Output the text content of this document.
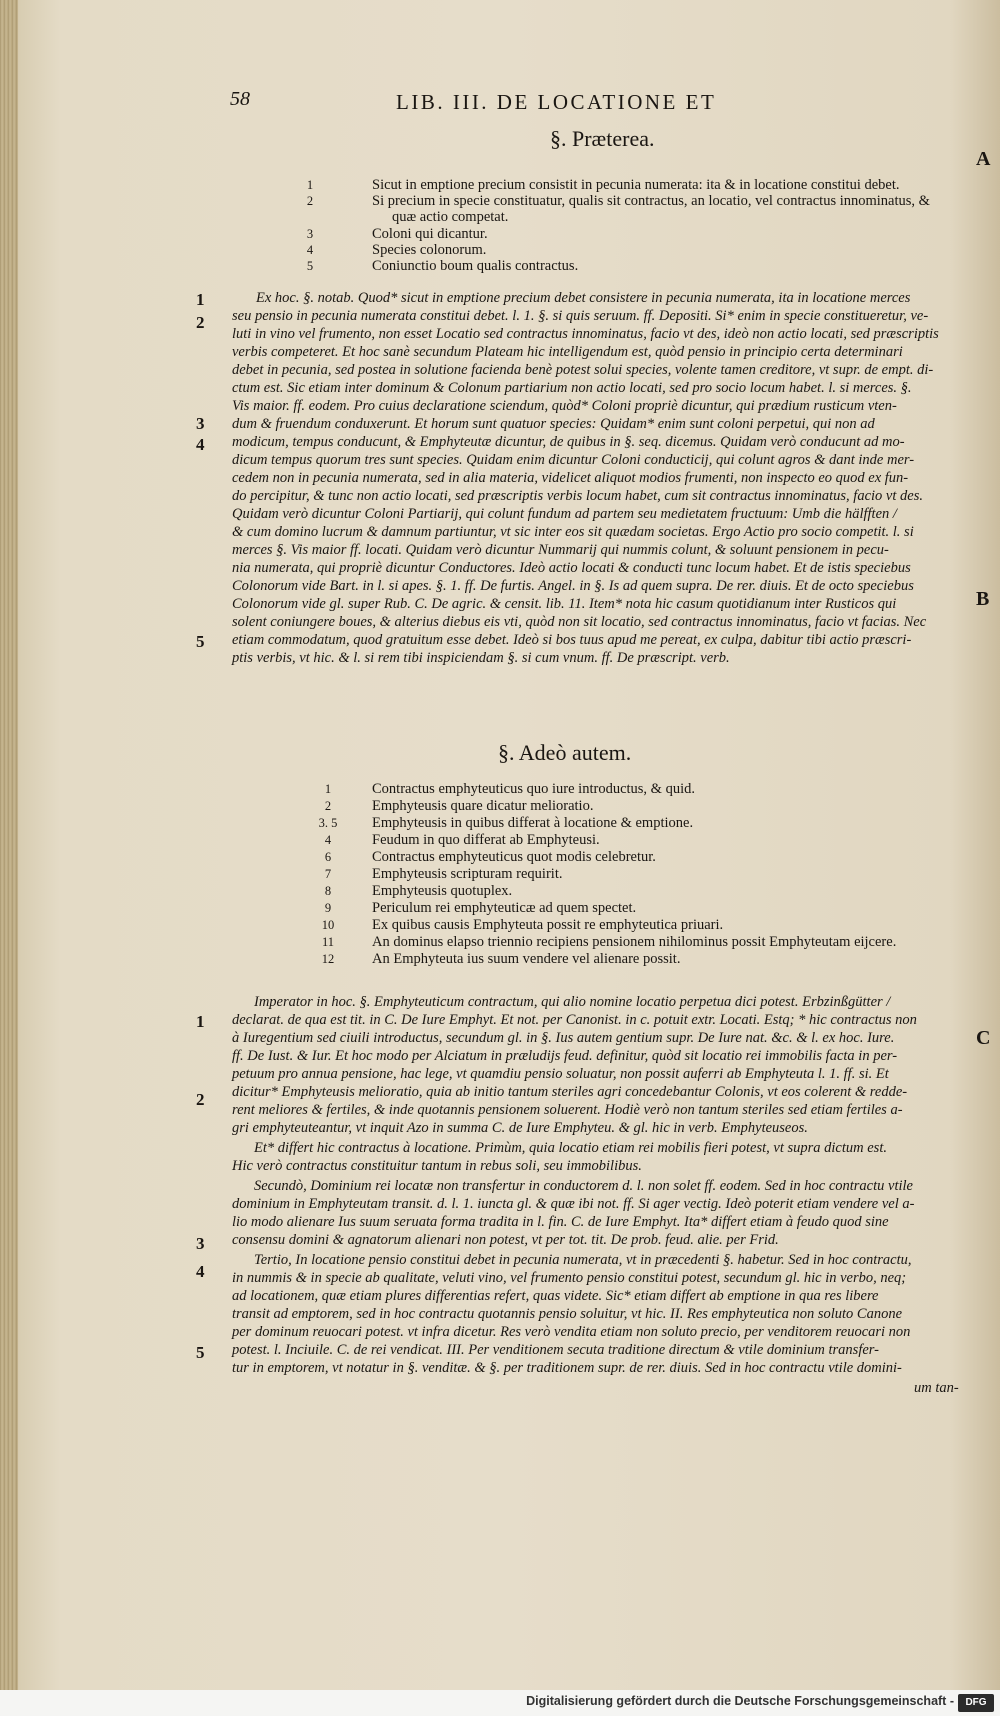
58	LIB. III. DE LOCATIONE ET
A
B
C
§. Præterea.
1	Sicut in emptione precium consistit in pecunia numerata: ita & in locatione constitui debet.
2	Si precium in specie constituatur, qualis sit contractus, an locatio, vel contractus innominatus, &
quæ actio competat.
3	Coloni qui dicantur.
4	Species colonorum.
5	Coniunctio boum qualis contractus.
1
2
3
4
5
Ex hoc. §. notab. Quod* sicut in emptione precium debet consistere in pecunia numerata, ita in locatione merces
seu pensio in pecunia numerata constitui debet. l. 1. §. si quis seruum. ff. Depositi. Si* enim in specie constitueretur, ve-
luti in vino vel frumento, non esset Locatio sed contractus innominatus, facio vt des, ideò non actio locati, sed præscriptis
verbis competeret. Et hoc sanè secundum Plateam hic intelligendum est, quòd pensio in principio certa determinari
debet in pecunia, sed postea in solutione facienda benè potest solui species, volente tamen creditore, vt supr. de empt. di-
ctum est. Sic etiam inter dominum & Colonum partiarium non actio locati, sed pro socio locum habet. l. si merces. §.
Vis maior. ff. eodem. Pro cuius declaratione sciendum, quòd* Coloni propriè dicuntur, qui prædium rusticum vten-
dum & fruendum conduxerunt. Et horum sunt quatuor species: Quidam* enim sunt coloni perpetui, qui non ad
modicum, tempus conducunt, & Emphyteutæ dicuntur, de quibus in §. seq. dicemus. Quidam verò conducunt ad mo-
dicum tempus quorum tres sunt species. Quidam enim dicuntur Coloni conducticij, qui colunt agros & dant inde mer-
cedem non in pecunia numerata, sed in alia materia, videlicet aliquot modios frumenti, non inspecto eo quod ex fun-
do percipitur, & tunc non actio locati, sed præscriptis verbis locum habet, cum sit contractus innominatus, facio vt des.
Quidam verò dicuntur Coloni Partiarij, qui colunt fundum ad partem seu medietatem fructuum: Umb die hälfften /
& cum domino lucrum & damnum partiuntur, vt sic inter eos sit quædam societas. Ergo Actio pro socio competit. l. si
merces §. Vis maior ff. locati. Quidam verò dicuntur Nummarij qui nummis colunt, & soluunt pensionem in pecu-
nia numerata, qui propriè dicuntur Conductores. Ideò actio locati & conducti tunc locum habet. Et de istis speciebus
Colonorum vide Bart. in l. si apes. §. 1. ff. De furtis. Angel. in §. Is ad quem supra. De rer. diuis. Et de octo speciebus
Colonorum vide gl. super Rub. C. De agric. & censit. lib. 11. Item* nota hic casum quotidianum inter Rusticos qui
solent coniungere boues, & alterius diebus eis vti, quòd non sit locatio, sed contractus innominatus, facio vt facias. Nec
etiam commodatum, quod gratuitum esse debet. Ideò si bos tuus apud me pereat, ex culpa, dabitur tibi actio præscri-
ptis verbis, vt hic. & l. si rem tibi inspiciendam §. si cum vnum. ff. De præscript. verb.
§. Adeò autem.
1	Contractus emphyteuticus quo iure introductus, & quid.
2	Emphyteusis quare dicatur melioratio.
3. 5	Emphyteusis in quibus differat à locatione & emptione.
4	Feudum in quo differat ab Emphyteusi.
6	Contractus emphyteuticus quot modis celebretur.
7	Emphyteusis scripturam requirit.
8	Emphyteusis quotuplex.
9	Periculum rei emphyteuticæ ad quem spectet.
10	Ex quibus causis Emphyteuta possit re emphyteutica priuari.
11	An dominus elapso triennio recipiens pensionem nihilominus possit Emphyteutam eijcere.
12	An Emphyteuta ius suum vendere vel alienare possit.
1
2
3
4
5
Imperator in hoc. §. Emphyteuticum contractum, qui alio nomine locatio perpetua dici potest. Erbzinßgütter /
declarat. de qua est tit. in C. De Iure Emphyt. Et not. per Canonist. in c. potuit extr. Locati. Estq; * hic contractus non
à Iuregentium sed ciuili introductus, secundum gl. in §. Ius autem gentium supr. De Iure nat. &c. & l. ex hoc. Iure.
ff. De Iust. & Iur. Et hoc modo per Alciatum in præludijs feud. definitur, quòd sit locatio rei immobilis facta in per-
petuum pro annua pensione, hac lege, vt quamdiu pensio soluatur, non possit auferri ab Emphyteuta l. 1. ff. si. Et
dicitur* Emphyteusis melioratio, quia ab initio tantum steriles agri concedebantur Colonis, vt eos colerent & redde-
rent meliores & fertiles, & inde quotannis pensionem soluerent. Hodiè verò non tantum steriles sed etiam fertiles a-
gri emphyteuteantur, vt inquit Azo in summa C. de Iure Emphyteu. & gl. hic in verb. Emphyteuseos.
Et* differt hic contractus à locatione. Primùm, quia locatio etiam rei mobilis fieri potest, vt supra dictum est.
Hic verò contractus constituitur tantum in rebus soli, seu immobilibus.
Secundò, Dominium rei locatæ non transfertur in conductorem d. l. non solet ff. eodem. Sed in hoc contractu vtile
dominium in Emphyteutam transit. d. l. 1. iuncta gl. & quæ ibi not. ff. Si ager vectig. Ideò poterit etiam vendere vel a-
lio modo alienare Ius suum seruata forma tradita in l. fin. C. de Iure Emphyt. Ita* differt etiam à feudo quod sine
consensu domini & agnatorum alienari non potest, vt per tot. tit. De prob. feud. alie. per Frid.
Tertio, In locatione pensio constitui debet in pecunia numerata, vt in præcedenti §. habetur. Sed in hoc contractu,
in nummis & in specie ab qualitate, veluti vino, vel frumento pensio constitui potest, secundum gl. hic in verbo, neq;
ad locationem, quæ etiam plures differentias refert, quas videte. Sic* etiam differt ab emptione in qua res libere
transit ad emptorem, sed in hoc contractu quotannis pensio soluitur, vt hic. II. Res emphyteutica non soluto Canone
per dominum reuocari potest. vt infra dicetur. Res verò vendita etiam non soluto precio, per venditorem reuocari non
potest. l. Inciuile. C. de rei vendicat. III. Per venditionem secuta traditione directum & vtile dominium transfer-
tur in emptorem, vt notatur in §. venditæ. & §. per traditionem supr. de rer. diuis. Sed in hoc contractu vtile domini-
um tan-
Digitalisierung gefördert durch die Deutsche Forschungsgemeinschaft -	DFG
